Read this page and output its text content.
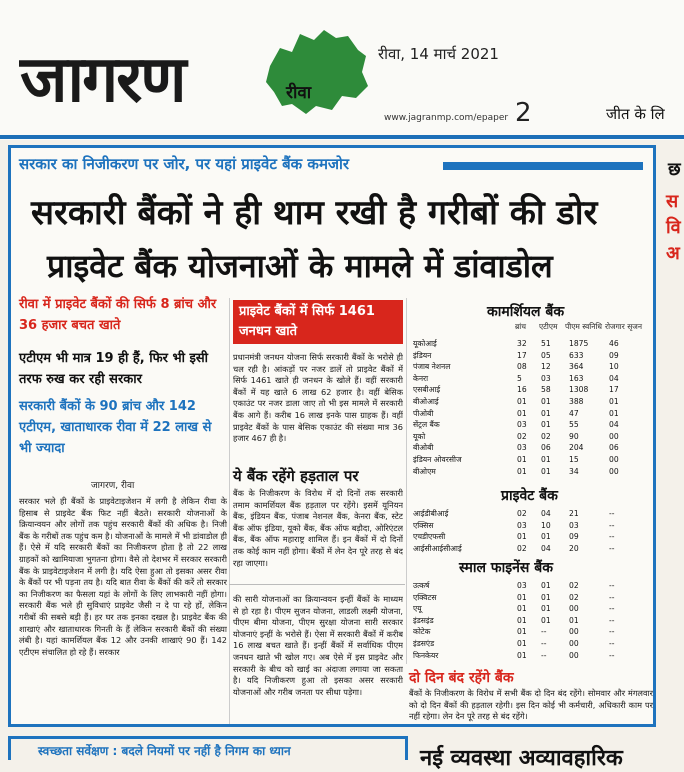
जागरण	रीवा
रीवा, 14 मार्च 2021
www.jagranmp.com/epaper 2	जीत के लि
सरकार का निजीकरण पर जोर, पर यहां प्राइवेट बैंक कमजोर
सरकारी बैंकों ने ही थाम रखी है गरीबों की डोर
प्राइवेट बैंक योजनाओं के मामले में डांवाडोल
रीवा में प्राइवेट बैंकों की सिर्फ 8 ब्रांच और 36 हजार बचत खाते
एटीएम भी मात्र 19 ही हैं, फिर भी इसी तरफ रुख कर रही सरकार
सरकारी बैंकों के 90 ब्रांच और 142 एटीएम, खाताधारक रीवा में 22 लाख से भी ज्यादा
जागरण, रीवा
सरकार भले ही बैंकों के प्राइवेटाइजेशन में लगी है लेकिन रीवा के हिसाब से प्राइवेट बैंक फिट नहीं बैठते। सरकारी योजनाओं के क्रियान्वयन और लोगों तक पहुंच सरकारी बैंकों की अधिक है। निजी बैंक के गरीबों तक पहुंच कम है। योजनाओं के मामले में भी डांवाडोल ही हैं। ऐसे में यदि सरकारी बैंकों का निजीकरण होता है तो 22 लाख ग्राहकों को खामियाजा भुगतना होगा। वैसे तो देशभर में सरकार सरकारी बैंक के प्राइवेटाइजेशन में लगी है। यदि ऐसा हुआ तो इसका असर रीवा के बैंकों पर भी पड़ना तय है। यदि बात रीवा के बैंकों की करें तो सरकार का निजीकरण का फैसला यहां के लोगों के लिए लाभकारी नहीं होगा। सरकारी बैंक भले ही सुविधाएं प्राइवेट जैसी न दे पा रहे हों, लेकिन गरीबों की सबसे बड़ी हैं। हर घर तक इनका दखल है। प्राइवेट बैंक की शाखाएं और खाताधारक गिनती के हैं लेकिन सरकारी बैंकों की संख्या लंबी है। यहां कामर्शियल बैंक 12 और उनकी शाखाएं 90 हैं। 142 एटीएम संचालित हो रहे हैं। सरकार
प्राइवेट बैंकों में सिर्फ 1461 जनधन खाते
प्रधानमंत्री जनधन योजना सिर्फ सरकारी बैंकों के भरोसे ही चल रही है। आंकड़ों पर नजर डालें तो प्राइवेट बैंकों में सिर्फ 1461 खाते ही जनधन के खोले हैं। वहीं सरकारी बैंकों में यह खाते 6 लाख 62 हजार है। वहीं बेसिक एकाउंट पर नजर डाला जाए तो भी इस मामले में सरकारी बैंक आगे हैं। करीब 16 लाख इनके पास ग्राहक हैं। वहीं प्राइवेट बैंकों के पास बेसिक एकाउंट की संख्या मात्र 36 हजार 467 ही है।
ये बैंक रहेंगे हड़ताल पर
बैंक के निजीकरण के विरोध में दो दिनों तक सरकारी तमाम कामर्शियल बैंक हड़ताल पर रहेंगे। इसमें यूनियन बैंक, इंडियन बैंक, पंजाब नेशनल बैंक, केनरा बैंक, स्टेट बैंक ऑफ इंडिया, यूको बैंक, बैंक ऑफ बड़ौदा, ओरिएंटल बैंक, बैंक ऑफ महाराष्ट्र शामिल हैं। इन बैंकों में दो दिनों तक कोई काम नहीं होगा। बैंकों में लेन देन पूरे तरह से बंद रहा जाएगा।
की सारी योजनाओं का क्रियान्वयन इन्हीं बैंकों के माध्यम से हो रहा है। पीएम सुजन योजना, लाडली लक्ष्मी योजना, पीएम बीमा योजना, पीएम सुरक्षा योजना सारी सरकार योजनाएं इन्हीं के भरोसे हैं। ऐसा में सरकारी बैंकों में करीब 16 लाख बचत खाते हैं। इन्हीं बैंकों में सर्वाधिक पीएम जनधन खाते भी खोल गए। अब ऐसे में इस प्राइवेट और सरकारी के बीच को खाई का अंदाजा लगाया जा सकता है। यदि निजीकरण हुआ तो इसका असर सरकारी योजनाओं और गरीब जनता पर सीधा पड़ेगा।
कामर्शियल बैंक
ब्रांच एटीएम पीएम स्वनिधि रोजगार सृजन
यूकोआई	32 51 1875	46
इंडियन	17 05 633	09
पंजाब नेशनल	08 12 364	10
केनरा	5	03 163	04
एसबीआई	16 58 1308	17
बीओआई	01 01 388	01
पीओबी	01 01 47	01
सेंट्रल बैंक	03 01 55	04
यूको	02 02 90	00
बीओबी	03 06 204	06
इंडियन ओवरसीज	01 01 15	00
बीओएम	01 01 34	00
प्राइवेट बैंक
आईडीबीआई	02 04 21	--
एक्सिस	03 10 03	--
एचडीएफसी	01 01 09	--
आईसीआईसीआई	02 04 20	--
स्माल फाइनेंस बैंक
उत्कर्ष	03 01 02	--
एक्विटस	01 01 02	--
एयू	01 01 00	--
इंडसइंड	01 01 01	--
कोटेक	01 --	00	--
इंडसएंड	01 --	00	--
फिनकेयर	01 --	00	--
दो दिन बंद रहेंगे बैंक
बैंकों के निजीकरण के विरोध में सभी बैंक दो दिन बंद रहेंगे। सोमवार और मंगलवार को दो दिन बैंकों की हड़ताल रहेगी। इस दिन कोई भी कर्मचारी, अधिकारी काम पर नहीं रहेगा। लेन देन पूरे तरह से बंद रहेंगे।
छ
स
वि
अ
स्वच्छता सर्वेक्षण : बदले नियमों पर नहीं है निगम का ध्यान	नई व्यवस्था अव्यावहारिक
